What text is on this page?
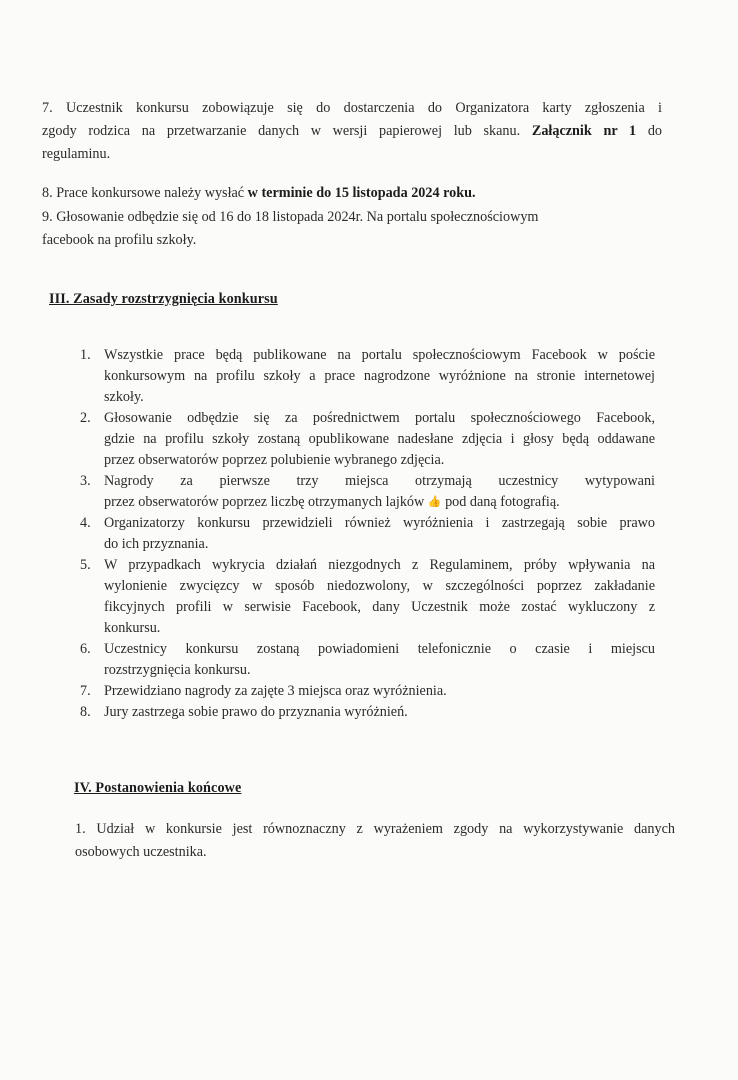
7. Uczestnik konkursu zobowiązuje się do dostarczenia do Organizatora karty zgłoszenia i
zgody rodzica na przetwarzanie danych w wersji papierowej lub skanu. Załącznik nr 1 do
regulaminu.
8. Prace konkursowe należy wysłać w terminie do 15 listopada 2024 roku.
9. Głosowanie odbędzie się od 16 do 18 listopada 2024r. Na portalu społecznościowym
facebook na profilu szkoły.
III. Zasady rozstrzygnięcia konkursu
1. Wszystkie prace będą publikowane na portalu społecznościowym Facebook w poście
konkursowym na profilu szkoły a prace nagrodzone wyróżnione na stronie internetowej
szkoły.
2. Głosowanie odbędzie się za pośrednictwem portalu społecznościowego Facebook,
gdzie na profilu szkoły zostaną opublikowane nadesłane zdjęcia i głosy będą oddawane
przez obserwatorów poprzez polubienie wybranego zdjęcia.
3. Nagrody za pierwsze trzy miejsca otrzymają uczestnicy wytypowani
przez obserwatorów poprzez liczbę otrzymanych lajków 👍 pod daną fotografią.
4. Organizatorzy konkursu przewidzieli również wyróżnienia i zastrzegają sobie prawo
do ich przyznania.
5. W przypadkach wykrycia działań niezgodnych z Regulaminem, próby wpływania na
wylonienie zwycięzcy w sposób niedozwolony, w szczególności poprzez zakładanie
fikcyjnych profili w serwisie Facebook, dany Uczestnik może zostać wykluczony z
konkursu.
6. Uczestnicy konkursu zostaną powiadomieni telefonicznie o czasie i miejscu
rozstrzygnięcia konkursu.
7. Przewidziano nagrody za zajęte 3 miejsca oraz wyróżnienia.
8. Jury zastrzega sobie prawo do przyznania wyróżnień.
IV. Postanowienia końcowe
1. Udział w konkursie jest równoznaczny z wyrażeniem zgody na wykorzystywanie danych
osobowych uczestnika.
